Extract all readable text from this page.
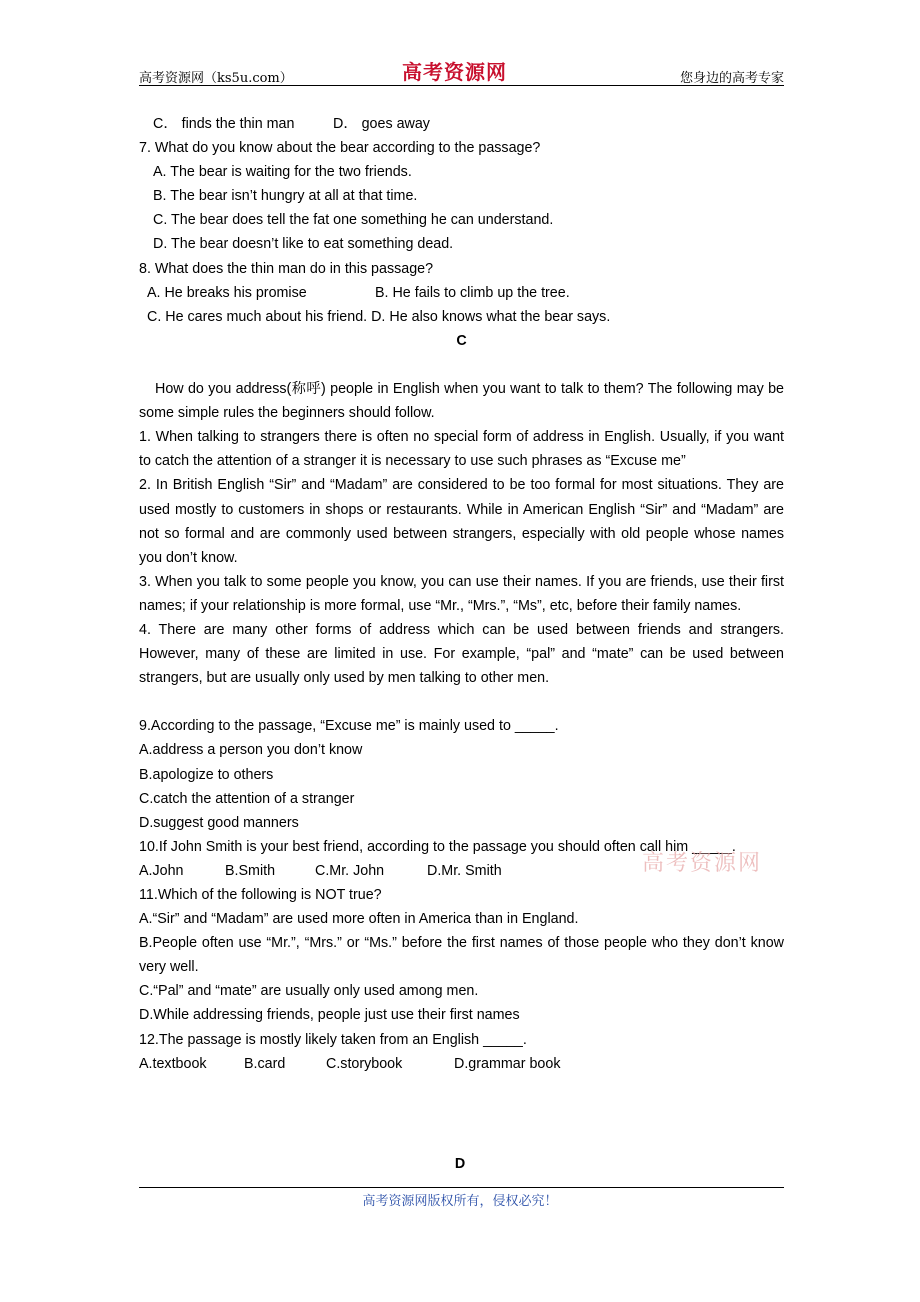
高考资源网（ks5u.com）	高考资源网	您身边的高考专家
C． finds the thin man	D． goes away
7. What do you know about the bear according to the passage?
A. The bear is waiting for the two friends.
B. The bear isn’t hungry at all at that time.
C. The bear does tell the fat one something he can understand.
D. The bear doesn’t like to eat something dead.
8. What does the thin man do in this passage?
A. He breaks his promise	B. He fails to climb up the tree.
C. He cares much about his friend. D. He also knows what the bear says.
C
How do you address(称呼) people in English when you want to talk to them? The following may be some simple rules the beginners should follow.
1. When talking to strangers there is often no special form of address in English. Usually, if you want to catch the attention of a stranger it is necessary to use such phrases as “Excuse me”
2. In British English “Sir” and “Madam” are considered to be too formal for most situations. They are used mostly to customers in shops or restaurants. While in American English “Sir” and “Madam” are not so formal and are commonly used between strangers, especially with old people whose names you don’t know.
3. When you talk to some people you know, you can use their names. If you are friends, use their first names; if your relationship is more formal, use “Mr., “Mrs.”, “Ms”, etc, before their family names.
4. There are many other forms of address which can be used between friends and strangers. However, many of these are limited in use. For example, “pal” and “mate” can be used between strangers, but are usually only used by men talking to other men.
9.According to the passage, “Excuse me” is mainly used to _____.
A.address a person you don’t know
B.apologize to others
C.catch the attention of a stranger
D.suggest good manners
10.If John Smith is your best friend, according to the passage you should often call him _____.
A.John	B.Smith	C.Mr. John	D.Mr. Smith
11.Which of the following is NOT true?
A.“Sir” and “Madam” are used more often in America than in England.
B.People often use “Mr.”, “Mrs.” or “Ms.” before the first names of those people who they don’t know very well.
C.“Pal” and “mate” are usually only used among men.
D.While addressing friends, people just use their first names
12.The passage is mostly likely taken from an English _____.
A.textbook	B.card	C.storybook	D.grammar book
高考资源网
D
高考资源网版权所有，侵权必究！
